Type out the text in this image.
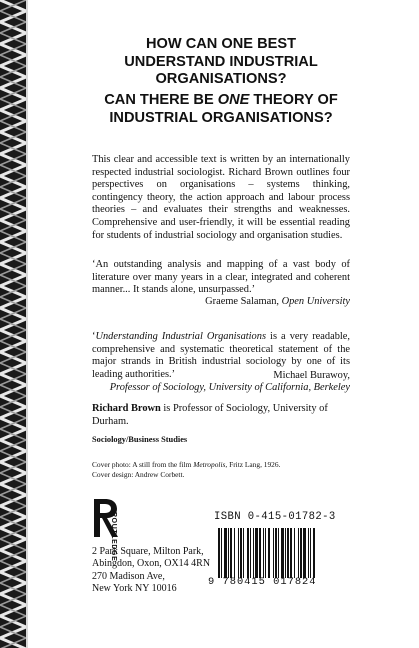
HOW CAN ONE BEST
UNDERSTAND INDUSTRIAL
ORGANISATIONS?
CAN THERE BE ONE THEORY OF
INDUSTRIAL ORGANISATIONS?

This clear and accessible text is written by an internationally respected industrial sociologist. Richard Brown outlines four perspectives on organisations – systems thinking, contingency theory, the action approach and labour process theories – and evaluates their strengths and weaknesses. Comprehensive and user-friendly, it will be essential reading for students of industrial sociology and organisation studies.

‘An outstanding analysis and mapping of a vast body of literature over many years in a clear, integrated and coherent manner... It stands alone, unsurpassed.’

Graeme Salaman, Open University

‘Understanding Industrial Organisations is a very readable, comprehensive and systematic theoretical statement of the major strands in British industrial sociology by one of its leading authorities.’	Michael Burawoy,

Professor of Sociology, University of California, Berkeley

Richard Brown is Professor of Sociology, University of Durham.

Sociology/Business Studies

Cover photo: A still from the film Metropolis, Fritz Lang, 1926.
Cover design: Andrew Corbett.

ROUTLEDGE

2 Park Square, Milton Park,
Abingdon, Oxon, OX14 4RN
270 Madison Ave,
New York NY 10016

ISBN 0-415-01782-3

9 780415 017824
